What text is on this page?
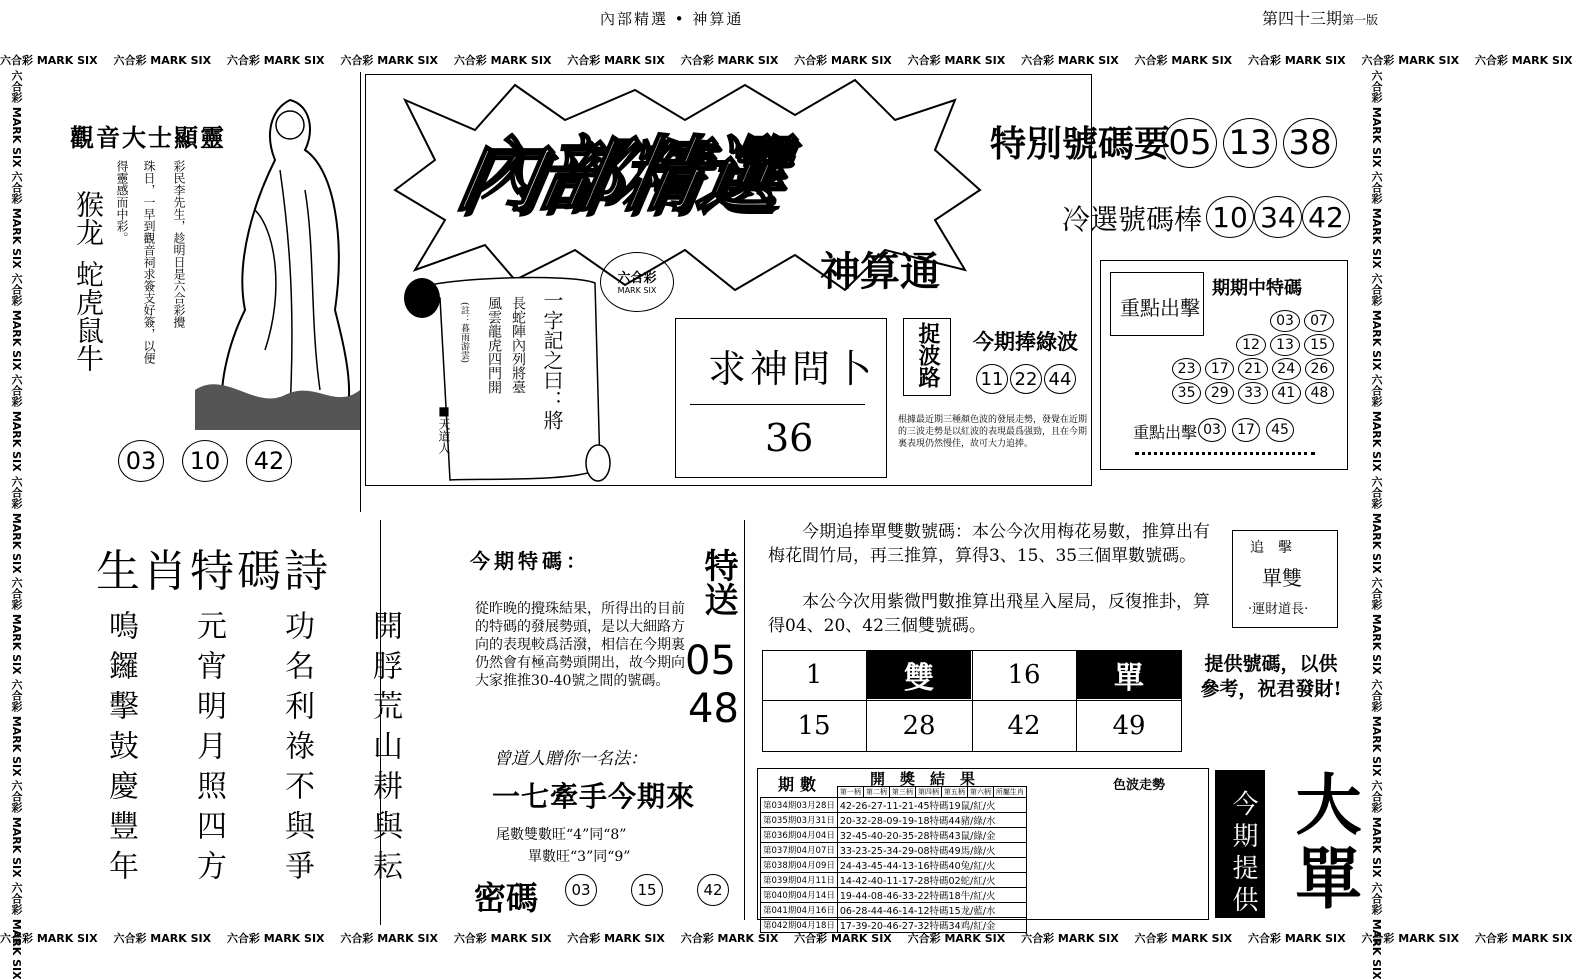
內部精選 • 神算通	第四十三期第一版
六合彩 MARK SIX 六合彩 MARK SIX 六合彩 MARK SIX 六合彩 MARK SIX 六合彩 MARK SIX 六合彩 MARK SIX 六合彩 MARK SIX 六合彩 MARK SIX 六合彩 MARK SIX 六合彩 MARK SIX 六合彩 MARK SIX 六合彩 MARK SIX 六合彩 MARK SIX 六合彩 MARK SIX
六合彩 MARK SIX 六合彩 MARK SIX 六合彩 MARK SIX 六合彩 MARK SIX 六合彩 MARK SIX 六合彩 MARK SIX 六合彩 MARK SIX 六合彩 MARK SIX 六合彩 MARK SIX 六合彩 MARK SIX 六合彩 MARK SIX 六合彩 MARK SIX 六合彩 MARK SIX 六合彩 MARK SIX
六合彩 MARK SIX 六合彩 MARK SIX 六合彩 MARK SIX 六合彩 MARK SIX 六合彩 MARK SIX 六合彩 MARK SIX 六合彩 MARK SIX 六合彩 MARK SIX 六合彩 MARK SIX
六合彩 MARK SIX 六合彩 MARK SIX 六合彩 MARK SIX 六合彩 MARK SIX 六合彩 MARK SIX 六合彩 MARK SIX 六合彩 MARK SIX 六合彩 MARK SIX 六合彩 MARK SIX
觀音大士顯靈
彩民李先生，趁明日是六合彩攪
珠日，一早到觀音祠求簽支好簽，以便
得靈感而中彩。
猴龙
蛇虎鼠牛
03	10	42
內部精選
神算通
六合彩
MARK SIX
特別號碼要
05 13 38
冷選號碼棒 10 34 42
一字記之曰：將
長蛇陣內列將臺
風雲龍虎四門開
(註：暮雨游雲)
■天道人
求神問卜
36
捉波路 今期捧綠波
11 22 44
根據最近期三種顏色波的發展走勢，發覺在近期的三波走勢是以紅波的表現最爲强勁，且在今期裏表現仍然慢佳，故可大力追捧。
重點出擊
期期中特碼
03	07
12	13	15
23	17	21	24	26
35	29	33	41	48
重點出擊 03	17	45
生肖特碼詩
鳴鑼擊鼓慶豐年 元宵明月照四方 功名利祿不與爭 開脬荒山耕與耘
今期特碼：
從昨晚的攪珠結果，所得出的目前的特碼的發展勢頭，是以大細路方向的表現較爲活潑，相信在今期裏仍然會有極高勢頭開出，故今期向大家推推30-40號之間的號碼。
特送
05
48
曾道人贈你一名法：
一七牽手今期來
尾數雙數旺“4”同“8”
單數旺“3”同“9”
密碼	03	15	42
今期追捧單雙數號碼：本公今次用梅花易數，推算出有梅花間竹局，再三推算，算得3、15、35三個單數號碼。
本公今次用紫微門數推算出飛星入屋局，反復推卦，算得04、20、42三個雙號碼。
追　擊
單雙
·運財道長·
1	雙	16	單
15	28	42	49
提供號碼，以供參考，祝君發財!
期數	開　獎　結　果	色波走勢
	第一柄	第二柄	第三柄	第四柄	第五柄	第六柄	所屬生肖
第034期03月28日	42-26-27-11-21-45特碼19鼠/紅/火						
第035期03月31日	20-32-28-09-19-18特碼44豬/綠/水						
第036期04月04日	32-45-40-20-35-28特碼43鼠/綠/金						
第037期04月07日	33-23-25-34-29-08特碼49馬/綠/火						
第038期04月09日	24-43-45-44-13-16特碼40兔/紅/火						
第039期04月11日	14-42-40-11-17-28特碼02蛇/紅/火						
第040期04月14日	19-44-08-46-33-22特碼18牛/紅/火						
第041期04月16日	06-28-44-46-14-12特碼15龙/藍/水						
第042期04月18日	17-39-20-46-27-32特碼34鸡/紅/金						
今期提供 大單
